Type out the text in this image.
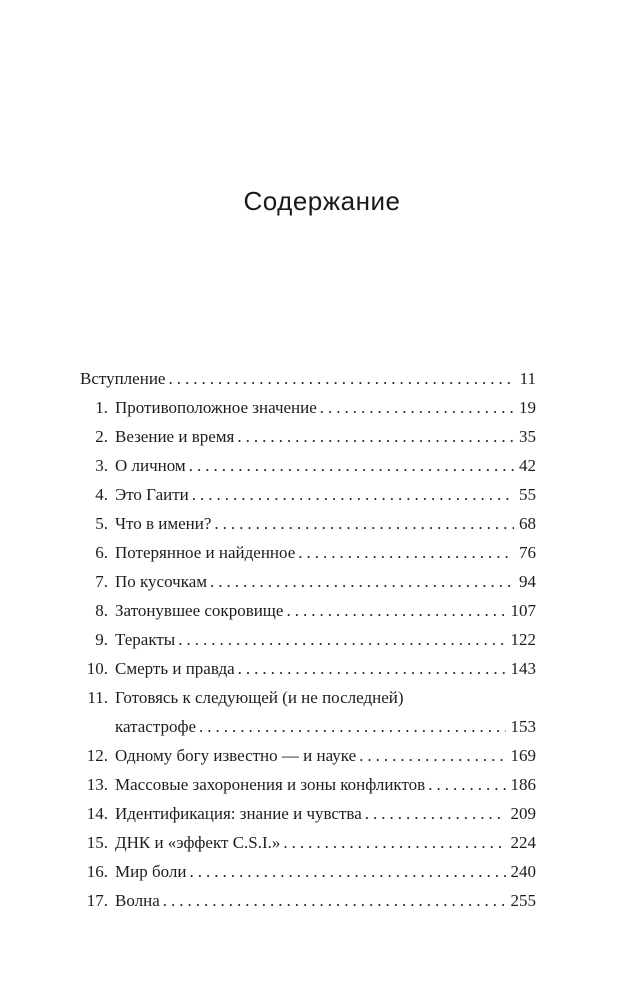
Содержание
Вступление .....	11
1. Противоположное значение .....	19
2. Везение и время .....	35
3. О личном .....	42
4. Это Гаити .....	55
5. Что в имени? .....	68
6. Потерянное и найденное .....	76
7. По кусочкам .....	94
8. Затонувшее сокровище .....	107
9. Теракты .....	122
10. Смерть и правда .....	143
11. Готовясь к следующей (и не последней)
катастрофе .....	153
12. Одному богу известно — и науке .....	169
13. Массовые захоронения и зоны конфликтов .....	186
14. Идентификация: знание и чувства .....	209
15. ДНК и «эффект C.S.I.» .....	224
16. Мир боли .....	240
17. Волна .....	255
